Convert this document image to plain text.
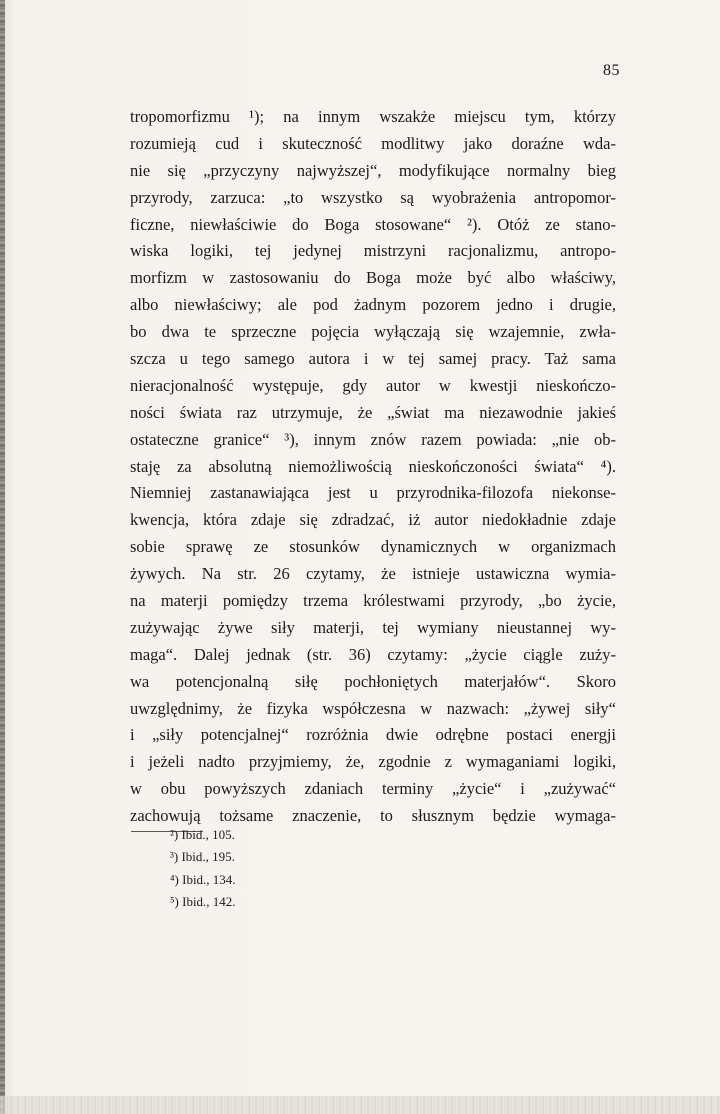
85
tropomorfizmu ¹); na innym wszakże miejscu tym, którzy
rozumieją cud i skuteczność modlitwy jako doraźne wda-
nie się „przyczyny najwyższej“, modyfikujące normalny bieg
przyrody, zarzuca: „to wszystko są wyobrażenia antropomor-
ficzne, niewłaściwie do Boga stosowane“ ²). Otóż ze stano-
wiska logiki, tej jedynej mistrzyni racjonalizmu, antropo-
morfizm w zastosowaniu do Boga może być albo właściwy,
albo niewłaściwy; ale pod żadnym pozorem jedno i drugie,
bo dwa te sprzeczne pojęcia wyłączają się wzajemnie, zwła-
szcza u tego samego autora i w tej samej pracy. Taż sama
nieracjonalność występuje, gdy autor w kwestji nieskończo-
ności świata raz utrzymuje, że „świat ma niezawodnie jakieś
ostateczne granice“ ³), innym znów razem powiada: „nie ob-
staję za absolutną niemożliwością nieskończoności świata“ ⁴).
Niemniej zastanawiająca jest u przyrodnika-filozofa niekonse-
kwencja, która zdaje się zdradzać, iż autor niedokładnie zdaje
sobie sprawę ze stosunków dynamicznych w organizmach
żywych. Na str. 26 czytamy, że istnieje ustawiczna wymia-
na materji pomiędzy trzema królestwami przyrody, „bo życie,
zużywając żywe siły materji, tej wymiany nieustannej wy-
maga“. Dalej jednak (str. 36) czytamy: „życie ciągle zuży-
wa potencjonalną siłę pochłoniętych materjałów“. Skoro
uwzględnimy, że fizyka współczesna w nazwach: „żywej siły“
i „siły potencjalnej“ rozróżnia dwie odrębne postaci energji
i jeżeli nadto przyjmiemy, że, zgodnie z wymaganiami logiki,
w obu powyższych zdaniach terminy „życie“ i „zużywać“
zachowują tożsame znaczenie, to słusznym będzie wymaga-
²) Ibid., 105.
³) Ibid., 195.
⁴) Ibid., 134.
⁵) Ibid., 142.
